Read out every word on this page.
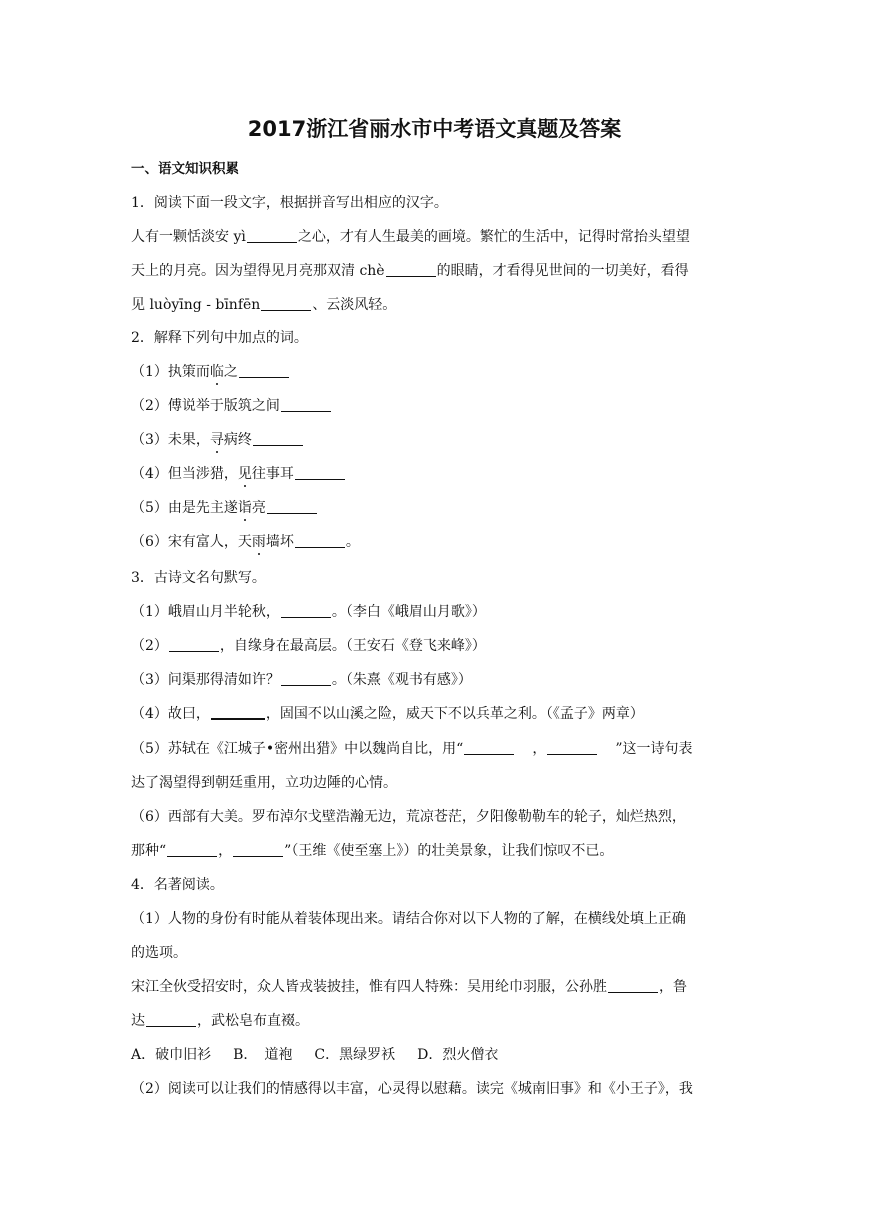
2017浙江省丽水市中考语文真题及答案
一、语文知识积累
1．阅读下面一段文字，根据拼音写出相应的汉字。
人有一颗恬淡安 yì	之心，才有人生最美的画境。繁忙的生活中，记得时常抬头望望
天上的月亮。因为望得见月亮那双清 chè	的眼睛，才看得见世间的一切美好，看得
见 luòyīng - bīnfēn	、云淡风轻。
2．解释下列句中加点的词。
（1）执策而临之
（2）傅说举于版筑之间
（3）未果，寻病终
（4）但当涉猎，见往事耳
（5）由是先主遂诣亮
（6）宋有富人，天雨墙坏	。
3．古诗文名句默写。
（1）峨眉山月半轮秋，	。（李白《峨眉山月歌》）
（2）	，自缘身在最高层。（王安石《登飞来峰》）
（3）问渠那得清如许？	。（朱熹《观书有感》）
（4）故曰，	，固国不以山溪之险，威天下不以兵革之利。（《孟子》两章）
（5）苏轼在《江城子•密州出猎》中以魏尚自比，用“	，	”这一诗句表
达了渴望得到朝廷重用，立功边陲的心情。
（6）西部有大美。罗布淖尔戈壁浩瀚无边，荒凉苍茫，夕阳像勒勒车的轮子，灿烂热烈，
那种“	，	”（王维《使至塞上》）的壮美景象，让我们惊叹不已。
4．名著阅读。
（1）人物的身份有时能从着装体现出来。请结合你对以下人物的了解，在横线处填上正确
的选项。
宋江全伙受招安时，众人皆戎装披挂，惟有四人特殊：吴用纶巾羽服，公孙胜	，鲁
达	，武松皂布直裰。
A．破巾旧衫 B．　道袍 C．黑绿罗袄 D．烈火僧衣
（2）阅读可以让我们的情感得以丰富，心灵得以慰藉。读完《城南旧事》和《小王子》，我
